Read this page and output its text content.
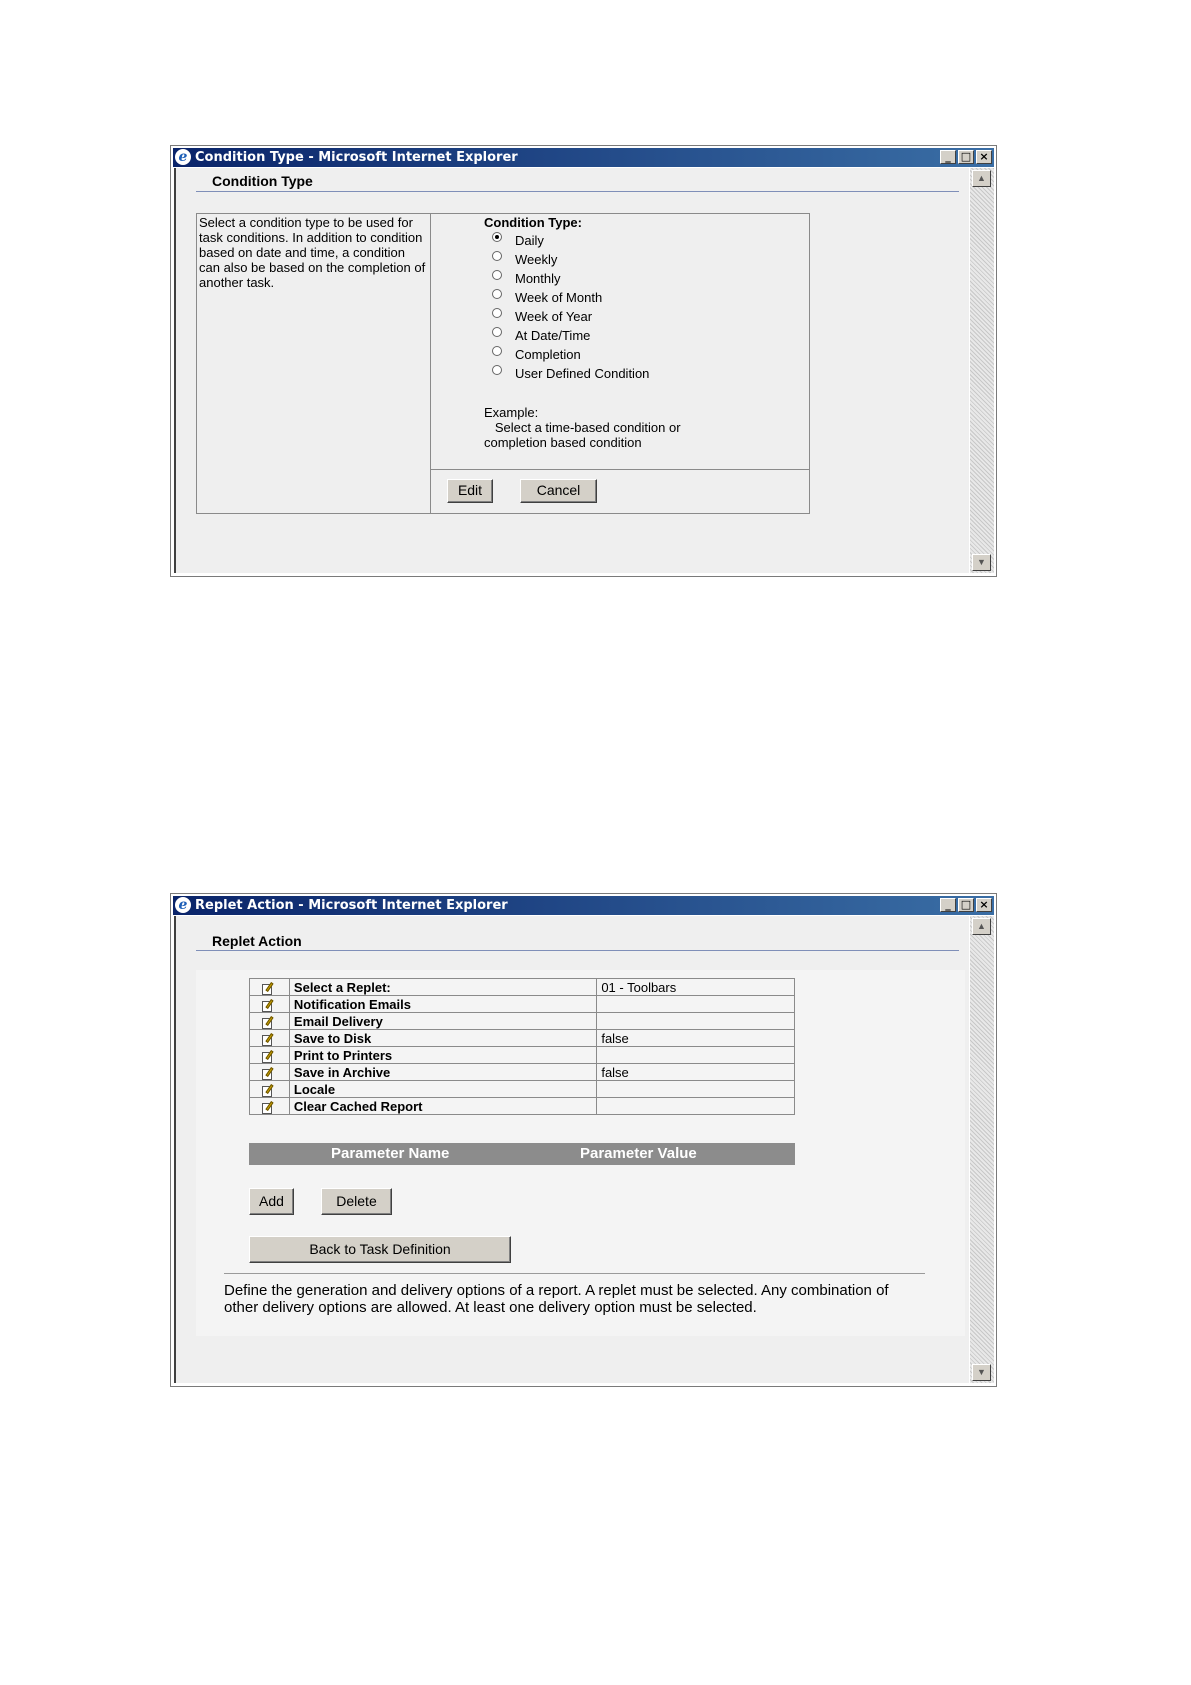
e Condition Type - Microsoft Internet Explorer	_ □ ×
Condition Type
Select a condition type to be used for task conditions. In addition to condition based on date and time, a condition can also be based on the completion of another task.
Condition Type:
Daily
Weekly
Monthly
Week of Month
Week of Year
At Date/Time
Completion
User Defined Condition
Example:
Select a time-based condition or
completion based condition
Edit	Cancel
▲
▼
e Replet Action - Microsoft Internet Explorer	_ □ ×
Replet Action
	Select a Replet:	01 - Toolbars

	Notification Emails	

	Email Delivery	

	Save to Disk	false

	Print to Printers	

	Save in Archive	false

	Locale	

	Clear Cached Report	
Parameter Name	Parameter Value
Add	Delete
Back to Task Definition
Define the generation and delivery options of a report. A replet must be selected. Any combination of other delivery options are allowed. At least one delivery option must be selected.
▲
▼
